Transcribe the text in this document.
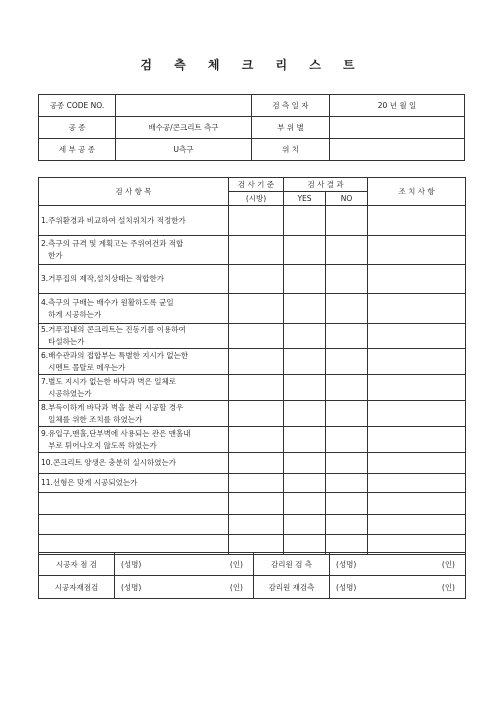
검 측 체 크 리 스 트
공종 CODE NO.		검 측 일 자	20 년 월 일
공 종	배수공/콘크리트 측구	부 위 별	
세 부 공 종	U측구	위 치	
검 사 항 목	검 사 기 준	검 사 결 과		조 치 사 항
	(시방)	YES	NO	
1.주위환경과 비교하여 설치위치가 적정한가				
2.측구의 규격 및 계획고는 주위여건과 적합
한가				
3.거푸집의 제작,설치상태는 적합한가				
4.측구의 구배는 배수가 원활하도록 균일
하게 시공하는가				
5.거푸집내의 콘크리트는 진동기를 이용하여
타설하는가				
6.배수관과의 접합부는 특별한 지시가 없는한
시멘트 몰탈로 메우는가				
7.별도 지시가 없는한 바닥과 벽은 일체로
시공하였는가				
8.부득이하게 바닥과 벽을 분리 시공할 경우
일체를 위한 조치를 하였는가				
9.유입구,맨홀,단부벽에 사용되는 관은 맨홀내
부로 튀어나오지 않도록 하였는가				
10.콘크리트 양생은 충분히 실시하였는가				
11.선형은 맞게 시공되었는가				

시공자 점 검	(성명) (인)	감리원 검 측	(성명) (인)

시공자재점검	(성명) (인)	감리원 재검측	(성명) (인)
